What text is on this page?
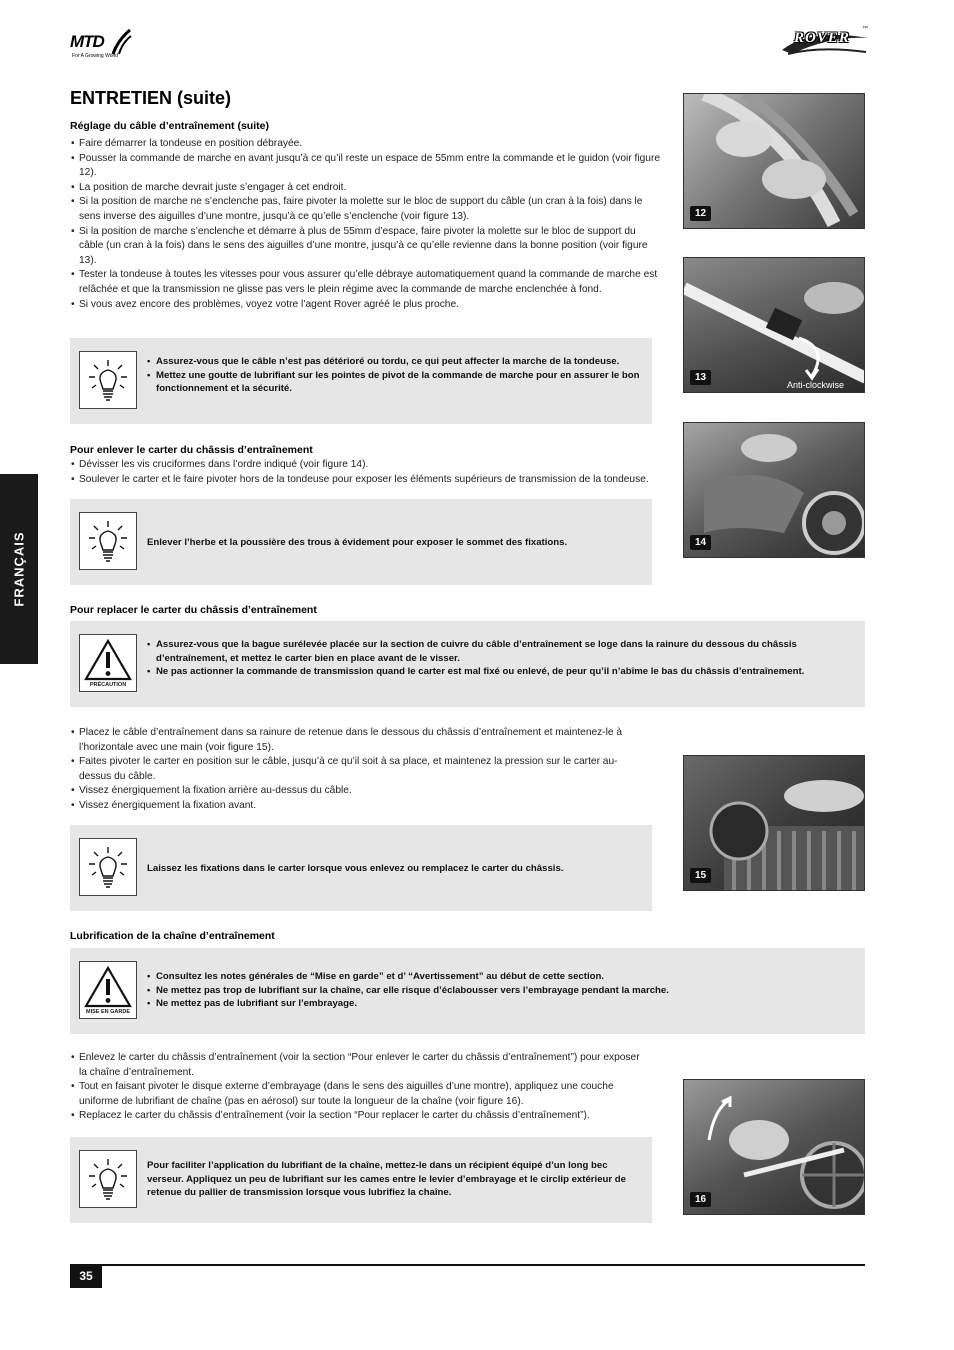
MTD
For A Growing World
ROVER
™
ENTRETIEN (suite)
FRANÇAIS
Réglage du câble d’entraînement (suite)
• Faire démarrer la tondeuse en position débrayée.
• Pousser la commande de marche en avant jusqu’à ce qu’il reste un espace de 55mm entre la commande et le guidon (voir figure 12).
• La position de marche devrait juste s’engager à cet endroit.
• Si la position de marche ne s’enclenche pas, faire pivoter la molette sur le bloc de support du câble (un cran à la fois) dans le sens inverse des aiguilles d’une montre, jusqu’à ce qu’elle s’enclenche (voir figure 13).
• Si la position de marche s’enclenche et démarre à plus de 55mm d’espace, faire pivoter la molette sur le bloc de support du câble (un cran à la fois) dans le sens des aiguilles d’une montre, jusqu’à ce qu’elle revienne dans la bonne position (voir figure 13).
• Tester la tondeuse à toutes les vitesses pour vous assurer qu’elle débraye automatiquement quand la commande de marche est relâchée et que la transmission ne glisse pas vers le plein régime avec la commande de marche enclenchée à fond.
• Si vous avez encore des problèmes, voyez votre l’agent Rover agréé le plus proche.
• Assurez-vous que le câble n’est pas détérioré ou tordu, ce qui peut affecter la marche de la tondeuse.
• Mettez une goutte de lubrifiant sur les pointes de pivot de la commande de marche pour en assurer le bon fonctionnement et la sécurité.
Pour enlever le carter du châssis d’entraînement
• Dévisser les vis cruciformes dans l’ordre indiqué (voir figure 14).
• Soulever le carter et le faire pivoter hors de la tondeuse pour exposer les éléments supérieurs de transmission de la tondeuse.
Enlever l’herbe et la poussière des trous à évidement pour exposer le sommet des fixations.
Pour replacer le carter du châssis d’entraînement
PRÉCAUTION
• Assurez-vous que la bague surélevée placée sur la section de cuivre du câble d’entraînement se loge dans la rainure du dessous du châssis d’entraînement, et mettez le carter bien en place avant de le visser.
• Ne pas actionner la commande de transmission quand le carter est mal fixé ou enlevé, de peur qu’il n’abîme le bas du châssis d’entraînement.
• Placez le câble d’entraînement dans sa rainure de retenue dans le dessous du châssis d’entraînement et maintenez-le à l’horizontale avec une main (voir figure 15).
• Faites pivoter le carter en position sur le câble, jusqu’à ce qu’il soit à sa place, et maintenez la pression sur le carter au-dessus du câble.
• Vissez énergiquement la fixation arrière au-dessus du câble.
• Vissez énergiquement la fixation avant.
Laissez les fixations dans le carter lorsque vous enlevez ou remplacez le carter du châssis.
Lubrification de la chaîne d’entraînement
MISE EN GARDE
• Consultez les notes générales de “Mise en garde” et d’ “Avertissement” au début de cette section.
• Ne mettez pas trop de lubrifiant sur la chaîne, car elle risque d’éclabousser vers l’embrayage pendant la marche.
• Ne mettez pas de lubrifiant sur l’embrayage.
• Enlevez le carter du châssis d’entraînement (voir la section “Pour enlever le carter du châssis d’entraînement”) pour exposer la chaîne d’entraînement.
• Tout en faisant pivoter le disque externe d’embrayage (dans le sens des aiguilles d’une montre), appliquez une couche uniforme de lubrifiant de chaîne (pas en aérosol) sur toute la longueur de la chaîne (voir figure 16).
• Replacez le carter du châssis d’entraînement (voir la section “Pour replacer le carter du châssis d’entraînement”).
Pour faciliter l’application du lubrifiant de la chaîne, mettez-le dans un récipient équipé d’un long bec verseur. Appliquez un peu de lubrifiant sur les cames entre le levier d’embrayage et le circlip extérieur de retenue du pallier de transmission lorsque vous lubrifiez la chaîne.
12
13
Anti-clockwise
14
15
16
35
